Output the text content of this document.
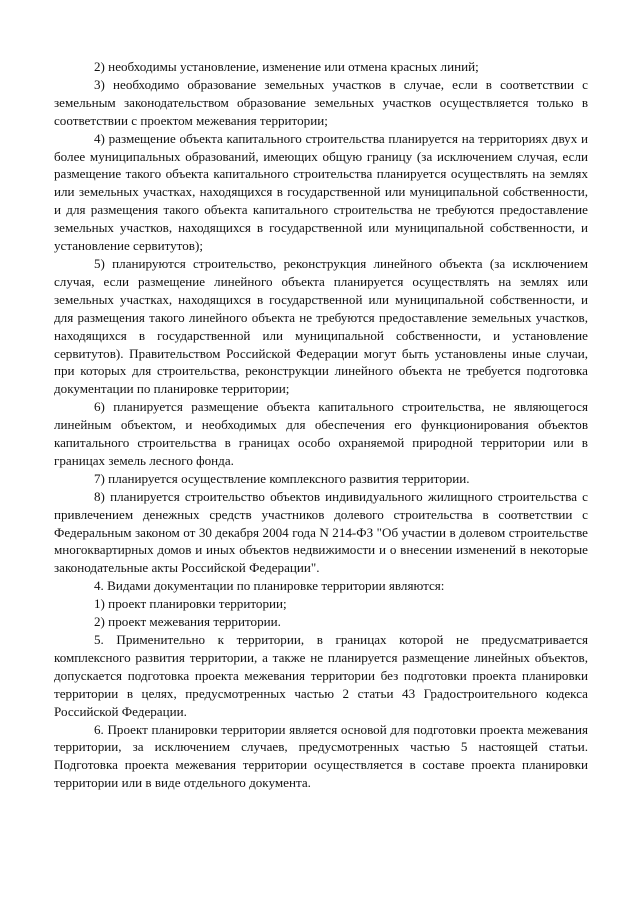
2) необходимы установление, изменение или отмена красных линий;

3) необходимо образование земельных участков в случае, если в соответствии с земельным законодательством образование земельных участков осуществляется только в соответствии с проектом межевания территории;

4) размещение объекта капитального строительства планируется на территориях двух и более муниципальных образований, имеющих общую границу (за исключением случая, если размещение такого объекта капитального строительства планируется осуществлять на землях или земельных участках, находящихся в государственной или муниципальной собственности, и для размещения такого объекта капитального строительства не требуются предоставление земельных участков, находящихся в государственной или муниципальной собственности, и установление сервитутов);

5) планируются строительство, реконструкция линейного объекта (за исключением случая, если размещение линейного объекта планируется осуществлять на землях или земельных участках, находящихся в государственной или муниципальной собственности, и для размещения такого линейного объекта не требуются предоставление земельных участков, находящихся в государственной или муниципальной собственности, и установление сервитутов). Правительством Российской Федерации могут быть установлены иные случаи, при которых для строительства, реконструкции линейного объекта не требуется подготовка документации по планировке территории;

6) планируется размещение объекта капитального строительства, не являющегося линейным объектом, и необходимых для обеспечения его функционирования объектов капитального строительства в границах особо охраняемой природной территории или в границах земель лесного фонда.

7) планируется осуществление комплексного развития территории.

8) планируется строительство объектов индивидуального жилищного строительства с привлечением денежных средств участников долевого строительства в соответствии с Федеральным законом от 30 декабря 2004 года N 214-ФЗ "Об участии в долевом строительстве многоквартирных домов и иных объектов недвижимости и о внесении изменений в некоторые законодательные акты Российской Федерации".

4. Видами документации по планировке территории являются:

1) проект планировки территории;

2) проект межевания территории.

5. Применительно к территории, в границах которой не предусматривается комплексного развития территории, а также не планируется размещение линейных объектов, допускается подготовка проекта межевания территории без подготовки проекта планировки территории в целях, предусмотренных частью 2 статьи 43 Градостроительного кодекса Российской Федерации.

6. Проект планировки территории является основой для подготовки проекта межевания территории, за исключением случаев, предусмотренных частью 5 настоящей статьи. Подготовка проекта межевания территории осуществляется в составе проекта планировки территории или в виде отдельного документа.
